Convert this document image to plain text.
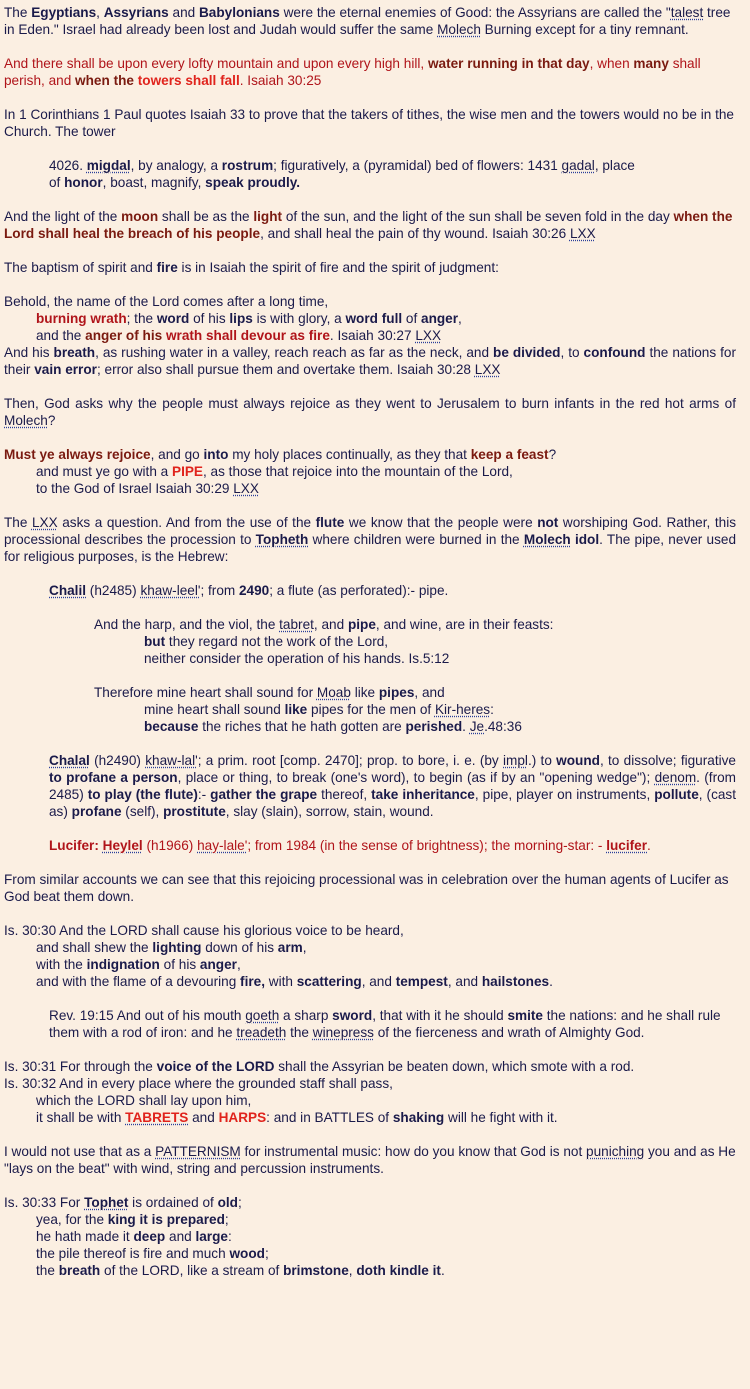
The Egyptians, Assyrians and Babylonians were the eternal enemies of Good: the Assyrians are called the "talest tree in Eden." Israel had already been lost and Judah would suffer the same Molech Burning except for a tiny remnant.

And there shall be upon every lofty mountain and upon every high hill, water running in that day, when many shall perish, and when the towers shall fall. Isaiah 30:25

In 1 Corinthians 1 Paul quotes Isaiah 33 to prove that the takers of tithes, the wise men and the towers would no be in the Church. The tower

4026. migdal, by analogy, a rostrum; figuratively, a (pyramidal) bed of flowers: 1431 gadal, place
of honor, boast, magnify, speak proudly.

And the light of the moon shall be as the light of the sun, and the light of the sun shall be seven fold in the day when the Lord shall heal the breach of his people, and shall heal the pain of thy wound. Isaiah 30:26 LXX

The baptism of spirit and fire is in Isaiah the spirit of fire and the spirit of judgment:

Behold, the name of the Lord comes after a long time,
burning wrath; the word of his lips is with glory, a word full of anger,
and the anger of his wrath shall devour as fire. Isaiah 30:27 LXX
And his breath, as rushing water in a valley, reach reach as far as the neck, and be divided, to confound the nations for their vain error; error also shall pursue them and overtake them. Isaiah 30:28 LXX

Then, God asks why the people must always rejoice as they went to Jerusalem to burn infants in the red hot arms of Molech?

Must ye always rejoice, and go into my holy places continually, as they that keep a feast?
and must ye go with a PIPE, as those that rejoice into the mountain of the Lord,
to the God of Israel Isaiah 30:29 LXX

The LXX asks a question. And from the use of the flute we know that the people were not worshiping God. Rather, this processional describes the procession to Topheth where children were burned in the Molech idol. The pipe, never used for religious purposes, is the Hebrew:

Chalil (h2485) khaw-leel'; from 2490; a flute (as perforated):- pipe.
And the harp, and the viol, the tabret, and pipe, and wine, are in their feasts:
but they regard not the work of the Lord,
neither consider the operation of his hands. Is.5:12
Therefore mine heart shall sound for Moab like pipes, and
mine heart shall sound like pipes for the men of Kir-heres:
because the riches that he hath gotten are perished. Je.48:36
Chalal (h2490) khaw-lal'; a prim. root [comp. 2470]; prop. to bore, i. e. (by impl.) to wound, to dissolve; figurative to profane a person, place or thing, to break (one's word), to begin (as if by an "opening wedge"); denom. (from 2485) to play (the flute):- gather the grape thereof, take inheritance, pipe, player on instruments, pollute, (cast as) profane (self), prostitute, slay (slain), sorrow, stain, wound.
Lucifer: Heylel (h1966) hay-lale'; from 1984 (in the sense of brightness); the morning-star: - lucifer.

From similar accounts we can see that this rejoicing processional was in celebration over the human agents of Lucifer as God beat them down.

Is. 30:30 And the LORD shall cause his glorious voice to be heard,
and shall shew the lighting down of his arm,
with the indignation of his anger,
and with the flame of a devouring fire, with scattering, and tempest, and hailstones.
Rev. 19:15 And out of his mouth goeth a sharp sword, that with it he should smite the nations: and he shall rule them with a rod of iron: and he treadeth the winepress of the fierceness and wrath of Almighty God.
Is. 30:31 For through the voice of the LORD shall the Assyrian be beaten down, which smote with a rod.
Is. 30:32 And in every place where the grounded staff shall pass,
which the LORD shall lay upon him,
it shall be with TABRETS and HARPS: and in BATTLES of shaking will he fight with it.

I would not use that as a PATTERNISM for instrumental music: how do you know that God is not puniching you and as He "lays on the beat" with wind, string and percussion instruments.

Is. 30:33 For Tophet is ordained of old;
yea, for the king it is prepared;
he hath made it deep and large:
the pile thereof is fire and much wood;
the breath of the LORD, like a stream of brimstone, doth kindle it.
